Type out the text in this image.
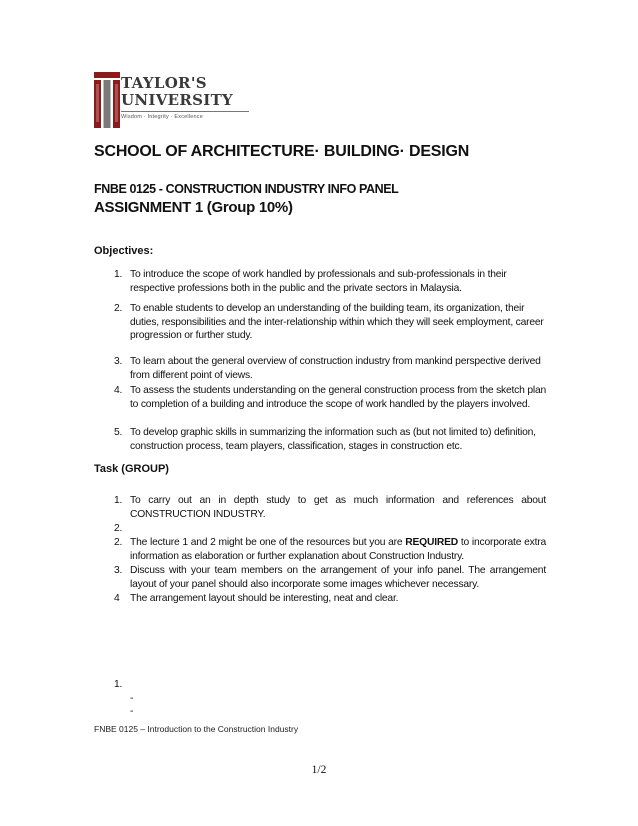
TAYLOR'S
UNIVERSITY
Wisdom · Integrity · Excellence
SCHOOL OF ARCHITECTURE· BUILDING· DESIGN
FNBE 0125 - CONSTRUCTION INDUSTRY INFO PANEL
ASSIGNMENT 1 (Group 10%)
Objectives:
1. To introduce the scope of work handled by professionals and sub-professionals in their respective professions both in the public and the private sectors in Malaysia.
2. To enable students to develop an understanding of the building team, its organization, their duties, responsibilities and the inter-relationship within which they will seek employment, career progression or further study.
3. To learn about the general overview of construction industry from mankind perspective derived from different point of views.
4. To assess the students understanding on the general construction process from the sketch plan to completion of a building and introduce the scope of work handled by the players involved.
5. To develop graphic skills in summarizing the information such as (but not limited to) definition, construction process, team players, classification, stages in construction etc.
Task (GROUP)
1. To carry out an in depth study to get as much information and references about CONSTRUCTION INDUSTRY.
2.
2. The lecture 1 and 2 might be one of the resources but you are REQUIRED to incorporate extra information as elaboration or further explanation about Construction Industry.
3. Discuss with your team members on the arrangement of your info panel. The arrangement layout of your panel should also incorporate some images whichever necessary.
4 The arrangement layout should be interesting, neat and clear.
1.
-
-
FNBE 0125 – Introduction to the Construction Industry
1/2
